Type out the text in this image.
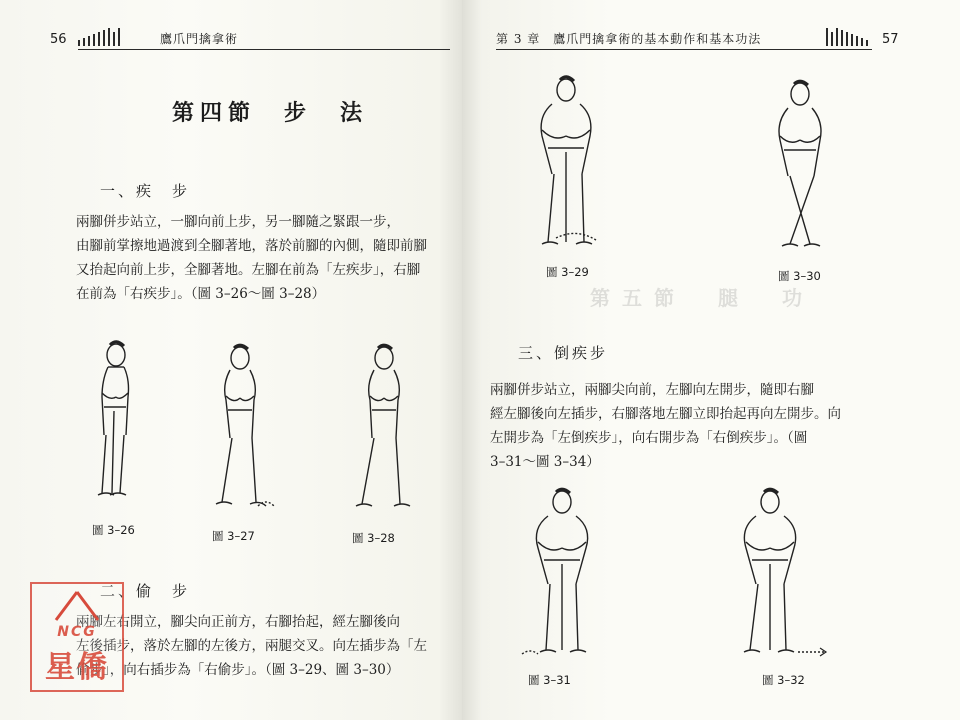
56	鷹爪門擒拿術
第四節　步　法
一、疾　步

兩腳併步站立，一腳向前上步，另一腳隨之緊跟一步，
由腳前掌擦地過渡到全腳著地，落於前腳的內側，隨即前腳
又抬起向前上步，全腳著地。左腳在前為「左疾步」，右腳
在前為「右疾步」。（圖 3–26～圖 3–28）

圖 3–26	圖 3–27	圖 3–28
二、偷　步

兩腳左右開立，腳尖向正前方，右腳抬起，經左腳後向
左後插步，落於左腳的左後方，兩腿交叉。向左插步為「左
偷步」，向右插步為「右偷步」。（圖 3–29、圖 3–30）

NCG
星僑
第 3 章　鷹爪門擒拿術的基本動作和基本功法	57
第五節　腿　功
圖 3–29	圖 3–30
三、倒疾步

兩腳併步站立，兩腳尖向前，左腳向左開步，隨即右腳
經左腳後向左插步，右腳落地左腳立即抬起再向左開步。向
左開步為「左倒疾步」，向右開步為「右倒疾步」。（圖
3–31～圖 3–34）

圖 3–31	圖 3–32
